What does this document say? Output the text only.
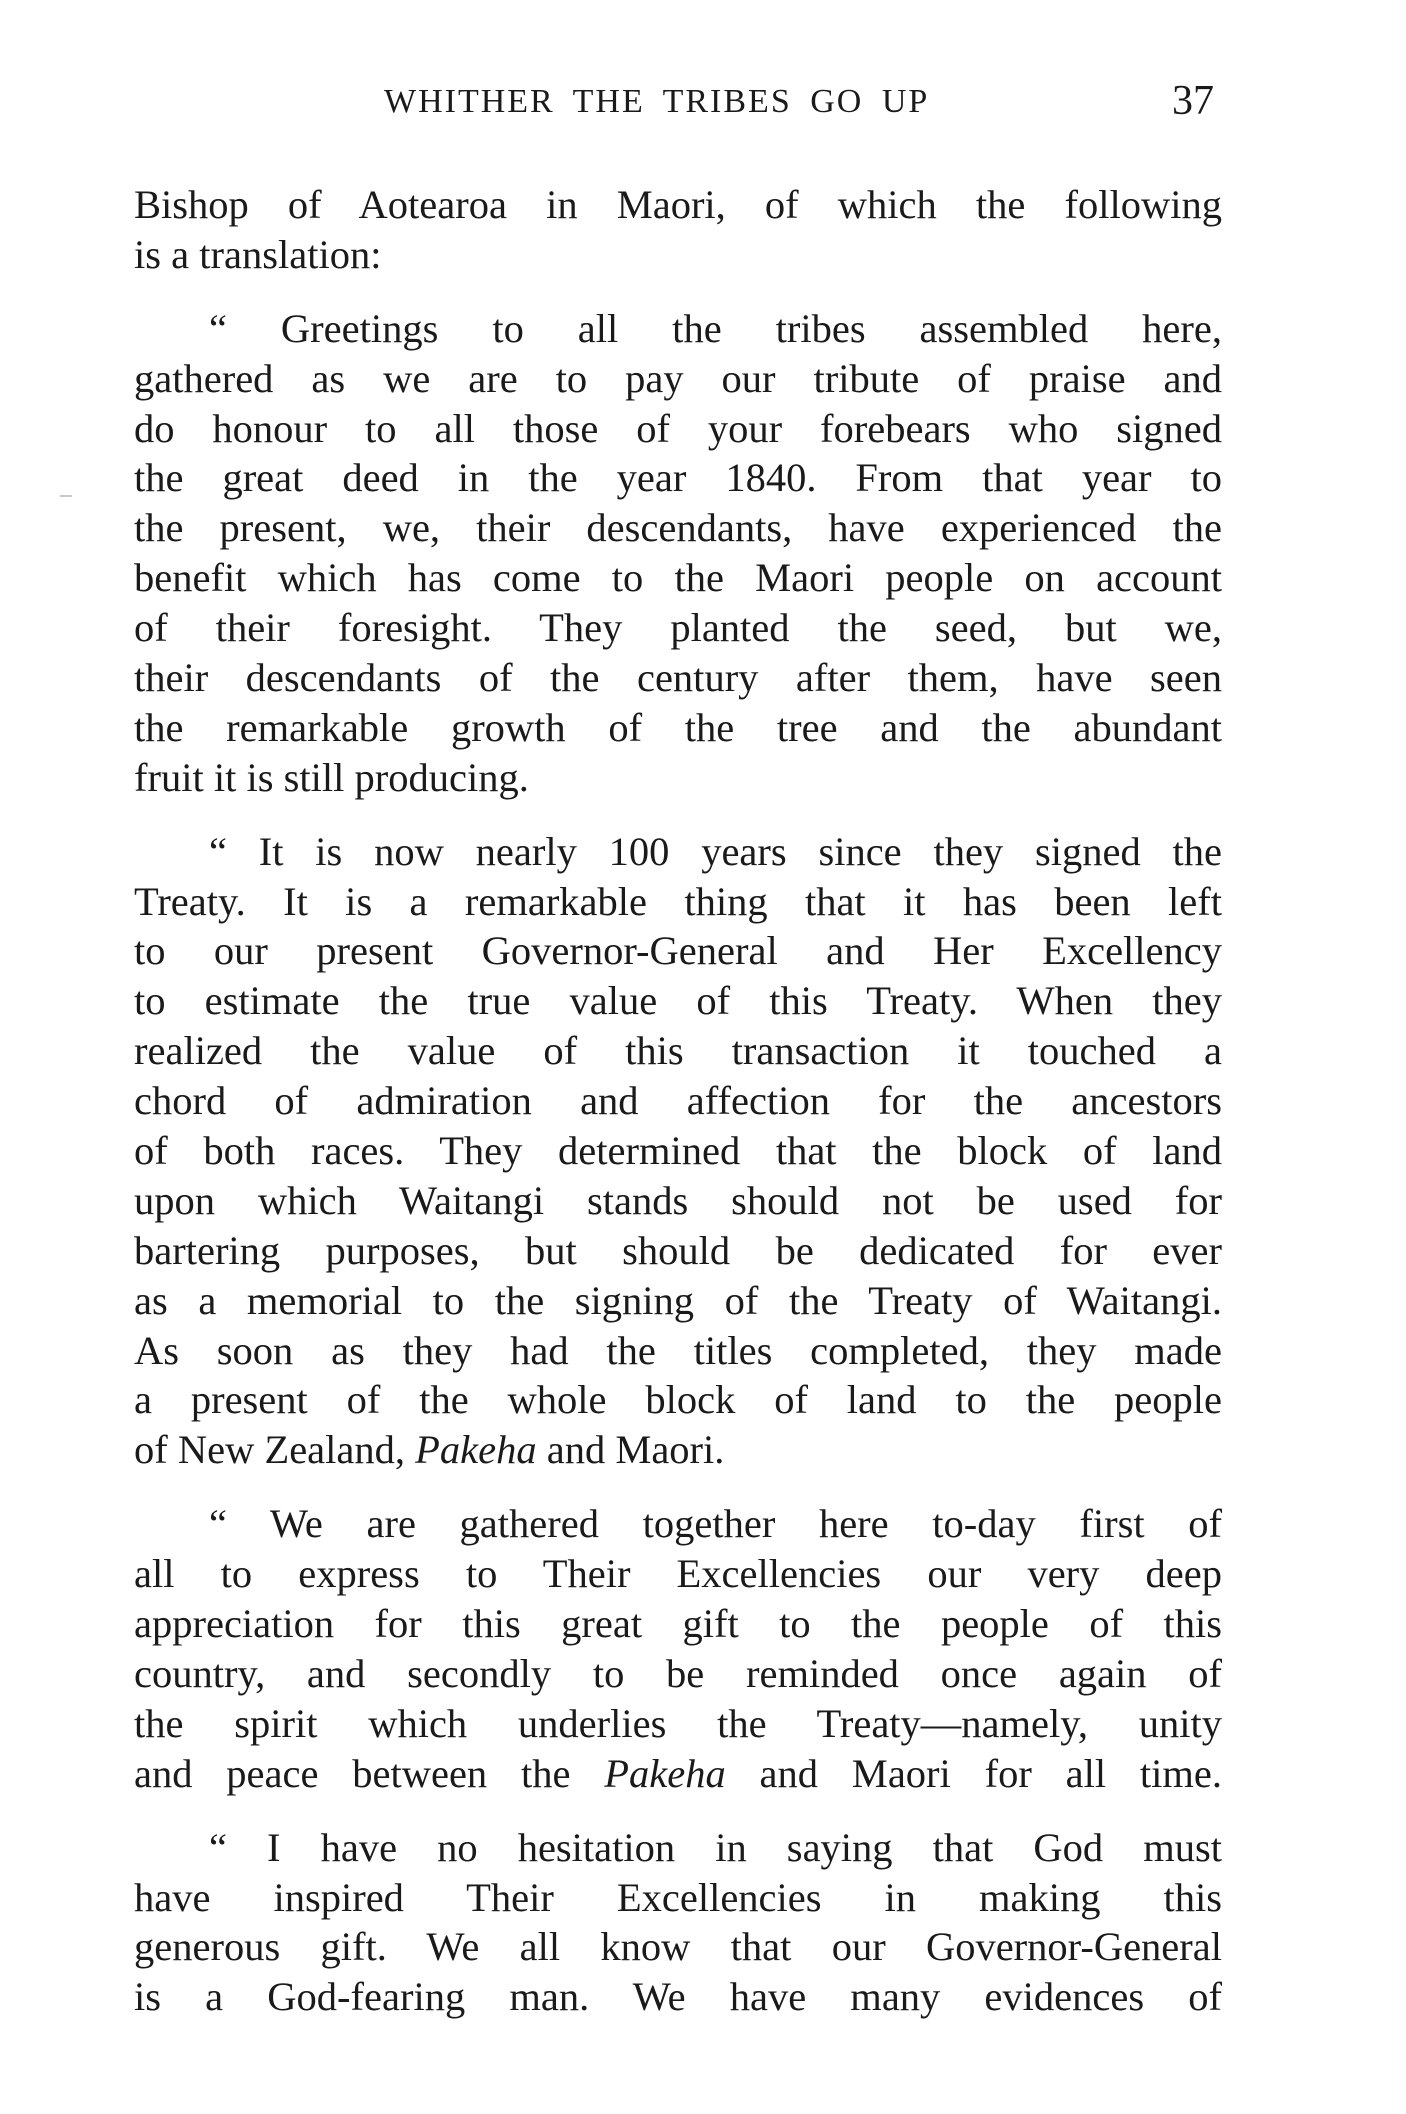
WHITHER THE TRIBES GO UP	37
Bishop of Aotearoa in Maori, of which the following
is a translation:
“ Greetings to all the tribes assembled here,
gathered as we are to pay our tribute of praise and
do honour to all those of your forebears who signed
the great deed in the year 1840. From that year to
the present, we, their descendants, have experienced the
benefit which has come to the Maori people on account
of their foresight. They planted the seed, but we,
their descendants of the century after them, have seen
the remarkable growth of the tree and the abundant
fruit it is still producing.
“ It is now nearly 100 years since they signed the
Treaty. It is a remarkable thing that it has been left
to our present Governor-General and Her Excellency
to estimate the true value of this Treaty. When they
realized the value of this transaction it touched a
chord of admiration and affection for the ancestors
of both races. They determined that the block of land
upon which Waitangi stands should not be used for
bartering purposes, but should be dedicated for ever
as a memorial to the signing of the Treaty of Waitangi.
As soon as they had the titles completed, they made
a present of the whole block of land to the people
of New Zealand, Pakeha and Maori.
“ We are gathered together here to-day first of
all to express to Their Excellencies our very deep
appreciation for this great gift to the people of this
country, and secondly to be reminded once again of
the spirit which underlies the Treaty—namely, unity
and peace between the Pakeha and Maori for all time.
“ I have no hesitation in saying that God must
have inspired Their Excellencies in making this
generous gift. We all know that our Governor-General
is a God-fearing man. We have many evidences of
